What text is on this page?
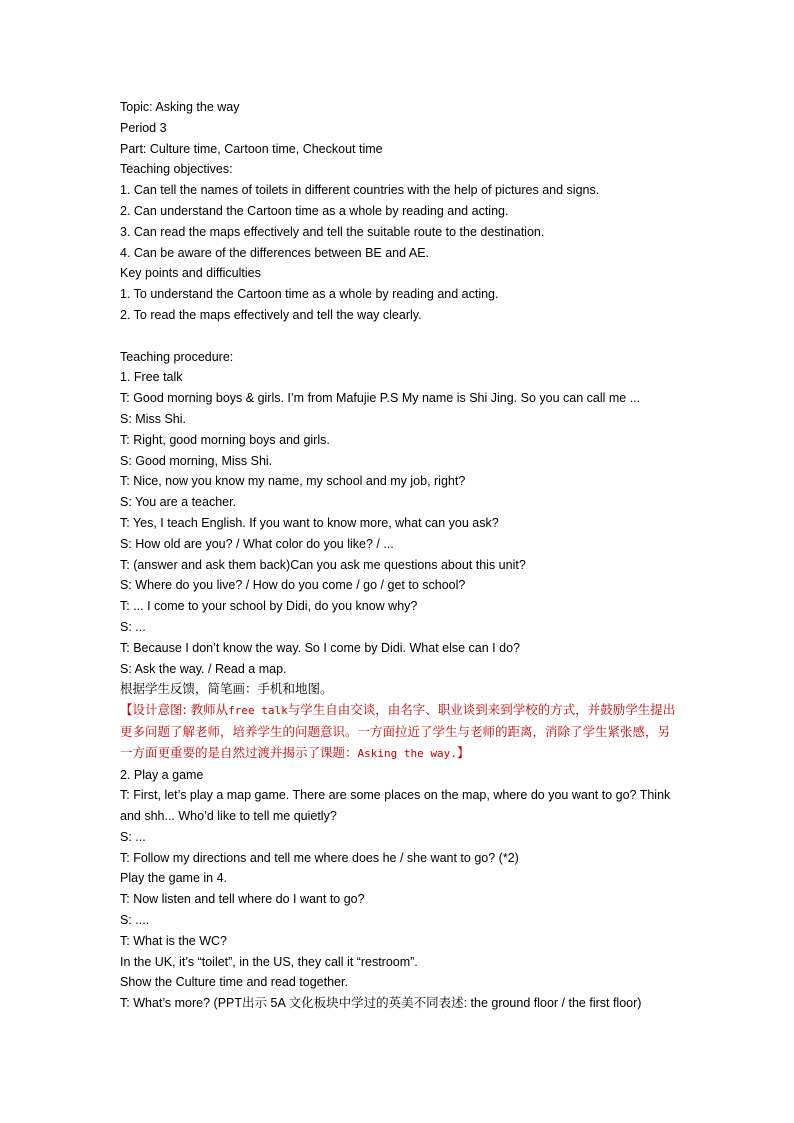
Topic: Asking the way
Period 3
Part: Culture time, Cartoon time, Checkout time
Teaching objectives:
1. Can tell the names of toilets in different countries with the help of pictures and signs.
2. Can understand the Cartoon time as a whole by reading and acting.
3. Can read the maps effectively and tell the suitable route to the destination.
4. Can be aware of the differences between BE and AE.
Key points and difficulties
1. To understand the Cartoon time as a whole by reading and acting.
2. To read the maps effectively and tell the way clearly.
Teaching procedure:
1. Free talk
T: Good morning boys & girls. I’m from Mafujie P.S My name is Shi Jing. So you can call me ...
S: Miss Shi.
T: Right, good morning boys and girls.
S: Good morning, Miss Shi.
T: Nice, now you know my name, my school and my job, right?
S: You are a teacher.
T: Yes, I teach English. If you want to know more, what can you ask?
S: How old are you? / What color do you like? / ...
T: (answer and ask them back)Can you ask me questions about this unit?
S: Where do you live? / How do you come / go / get to school?
T: ... I come to your school by Didi, do you know why?
S: ...
T: Because I don’t know the way. So I come by Didi. What else can I do?
S: Ask the way. / Read a map.
根据学生反馈，简笔画：手机和地图。
【设计意图: 教师从free talk与学生自由交谈，由名字、职业谈到来到学校的方式，并鼓励学生提出更多问题了解老师，培养学生的问题意识。一方面拉近了学生与老师的距离，消除了学生紧张感，另一方面更重要的是自然过渡并揭示了课题：Asking the way.】
2. Play a game
T: First, let’s play a map game. There are some places on the map, where do you want to go? Think and shh... Who’d like to tell me quietly?
S: ...
T: Follow my directions and tell me where does he / she want to go? (*2)
Play the game in 4.
T: Now listen and tell where do I want to go?
S: ....
T: What is the WC?
In the UK, it’s “toilet”, in the US, they call it “restroom”.
Show the Culture time and read together.
T: What’s more? (PPT出示 5A 文化板块中学过的英美不同表述: the ground floor / the first floor)
